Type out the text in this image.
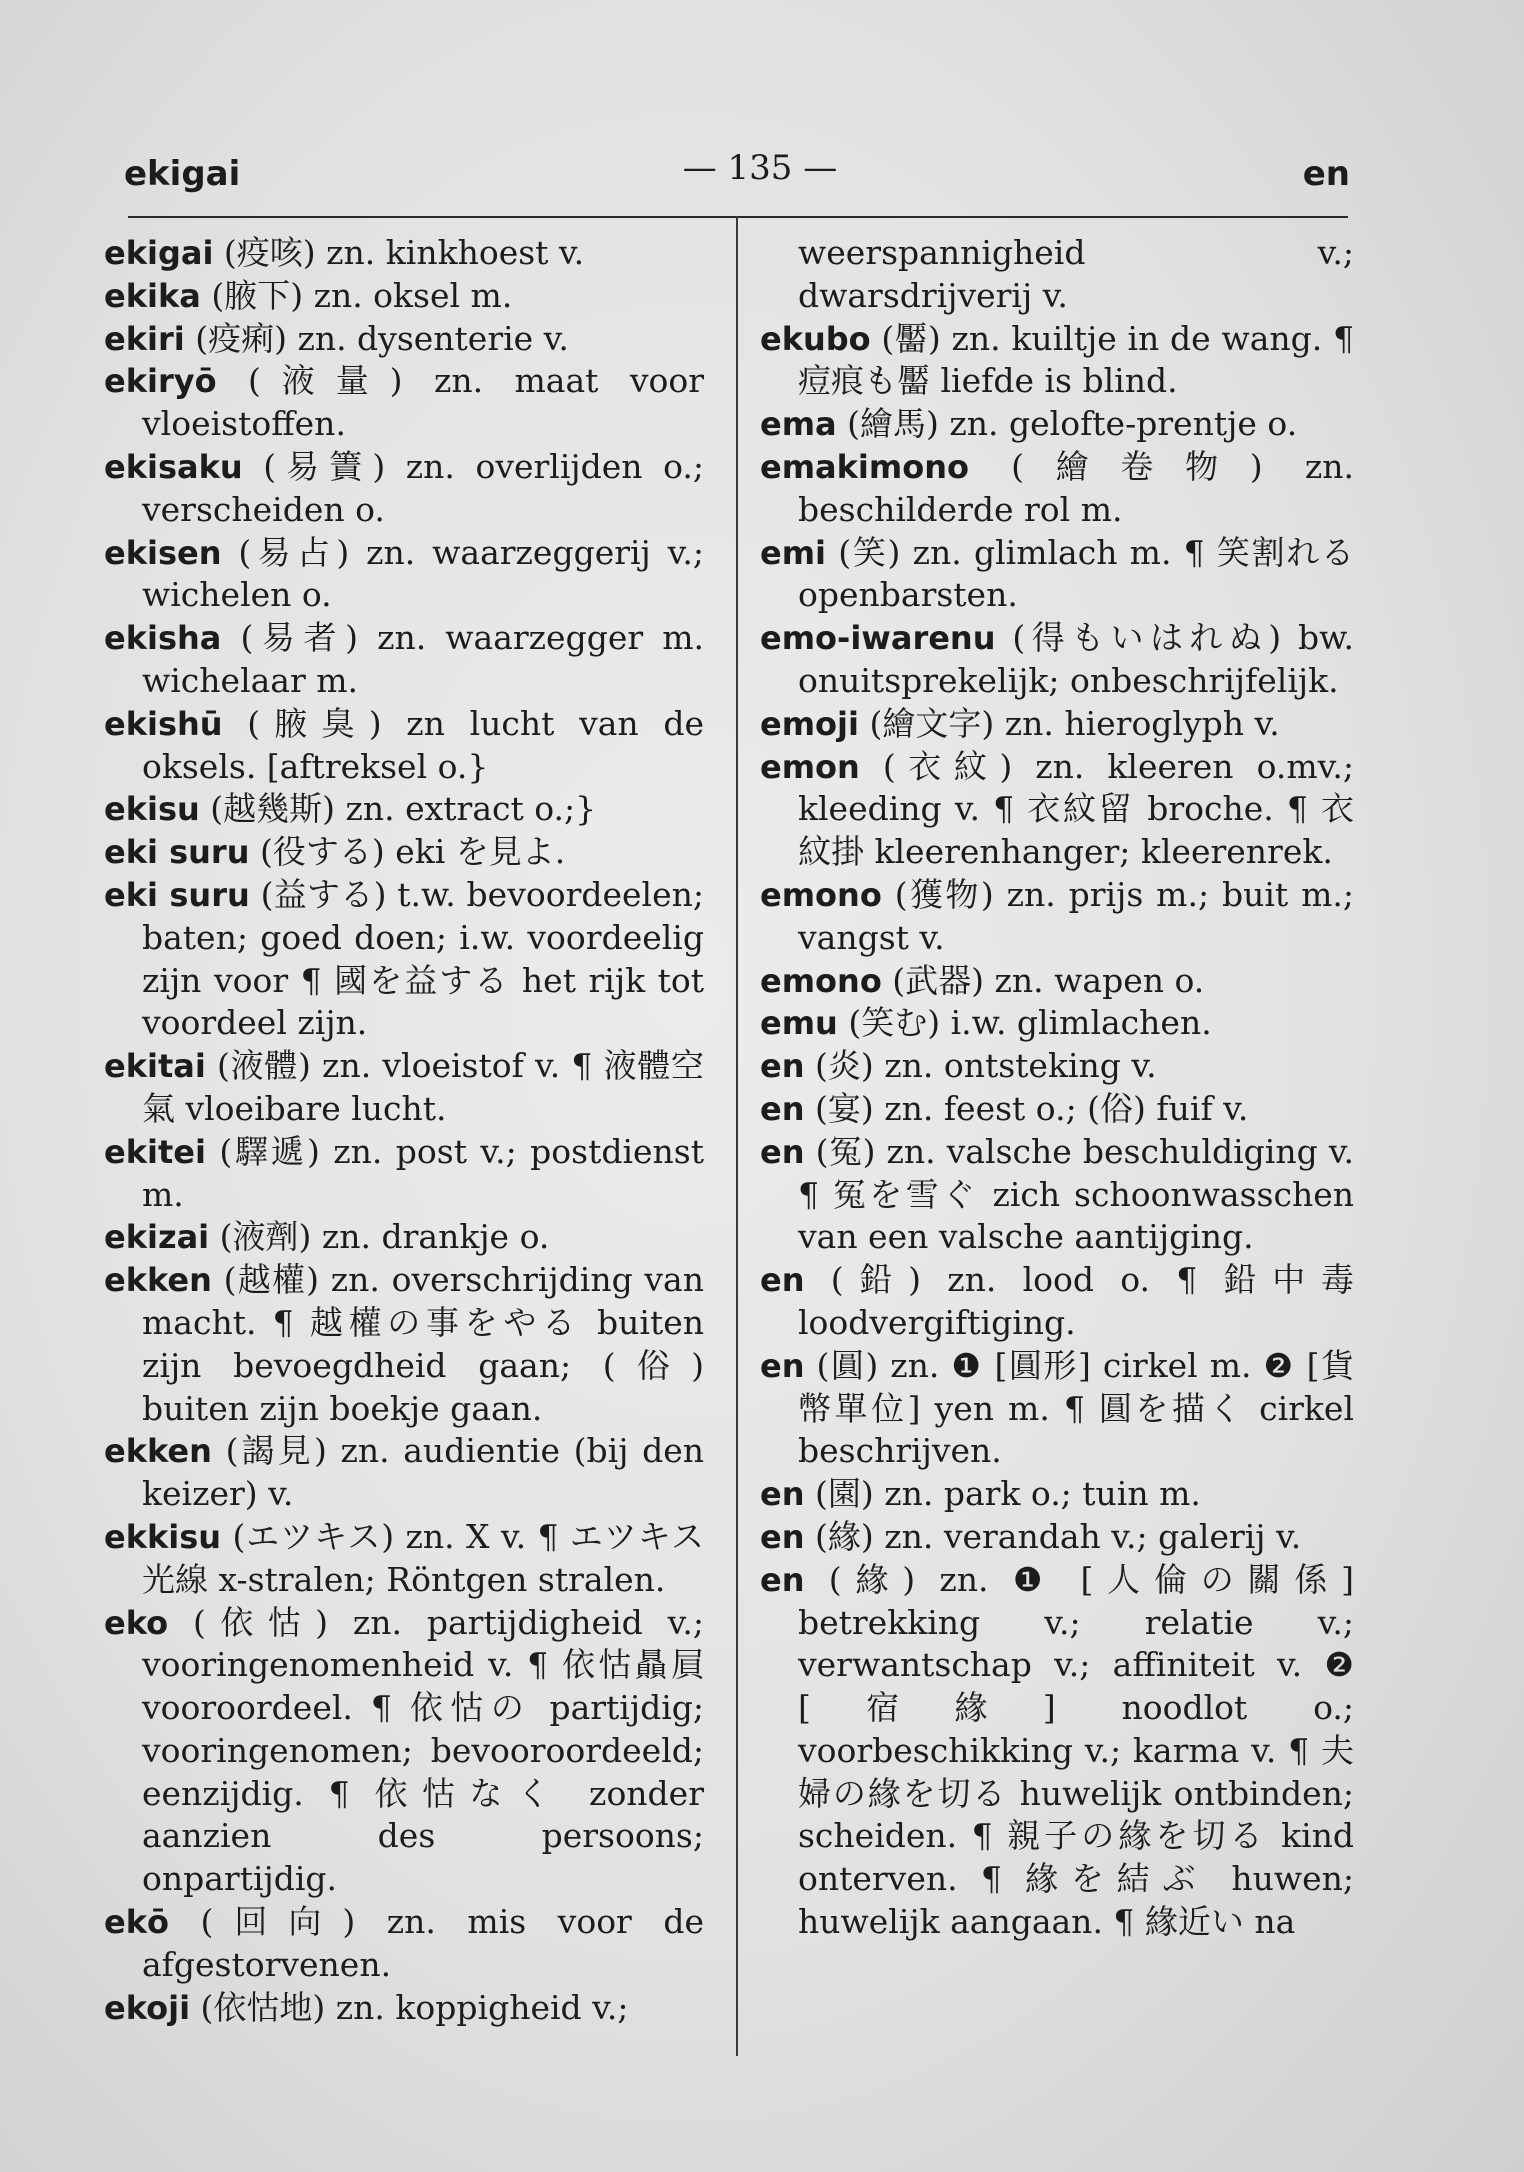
ekigai	— 135 —	en
ekigai (疫咳) zn. kinkhoest v.
ekika (腋下) zn. oksel m.
ekiri (疫痢) zn. dysenterie v.
ekiryō (液量) zn. maat voor vloeistoffen.
ekisaku (易簀) zn. overlijden o.; verscheiden o.
ekisen (易占) zn. waarzeggerij v.; wichelen o.
ekisha (易者) zn. waarzegger m. wichelaar m.
ekishū (腋臭) zn lucht van de oksels. [aftreksel o.}
ekisu (越幾斯) zn. extract o.;}
eki suru (役する) eki を見よ.
eki suru (益する) t.w. bevoordeelen; baten; goed doen; i.w. voordeelig zijn voor ¶ 國を益する het rijk tot voordeel zijn.
ekitai (液體) zn. vloeistof v. ¶ 液體空氣 vloeibare lucht.
ekitei (驛遞) zn. post v.; postdienst m.
ekizai (液劑) zn. drankje o.
ekken (越權) zn. overschrijding van macht. ¶ 越權の事をやる buiten zijn bevoegdheid gaan; (俗) buiten zijn boekje gaan.
ekken (謁見) zn. audientie (bij den keizer) v.
ekkisu (エツキス) zn. X v. ¶ エツキス光線 x-stralen; Röntgen stralen.
eko (依怙) zn. partijdigheid v.; vooringenomenheid v. ¶ 依怙贔屓 vooroordeel. ¶ 依怙の partijdig; vooringenomen; bevooroordeeld; eenzijdig. ¶ 依怙なく zonder aanzien des persoons; onpartijdig.
ekō (回向) zn. mis voor de afgestorvenen.
ekoji (依怙地) zn. koppigheid v.;
weerspannigheid v.; dwarsdrijverij v.
ekubo (靨) zn. kuiltje in de wang. ¶ 痘痕も靨 liefde is blind.
ema (繪馬) zn. gelofte-prentje o.
emakimono (繪卷物) zn. beschilderde rol m.
emi (笑) zn. glimlach m. ¶ 笑割れる openbarsten.
emo-iwarenu (得もいはれぬ) bw. onuitsprekelijk; onbeschrijfelijk.
emoji (繪文字) zn. hieroglyph v.
emon (衣紋) zn. kleeren o.mv.; kleeding v. ¶ 衣紋留 broche. ¶ 衣紋掛 kleerenhanger; kleerenrek.
emono (獲物) zn. prijs m.; buit m.; vangst v.
emono (武器) zn. wapen o.
emu (笑む) i.w. glimlachen.
en (炎) zn. ontsteking v.
en (宴) zn. feest o.; (俗) fuif v.
en (冤) zn. valsche beschuldiging v. ¶ 冤を雪ぐ zich schoonwasschen van een valsche aantijging.
en (鉛) zn. lood o. ¶ 鉛中毒 loodvergiftiging.
en (圓) zn. ❶ [圓形] cirkel m. ❷ [貨幣單位] yen m. ¶ 圓を描く cirkel beschrijven.
en (園) zn. park o.; tuin m.
en (緣) zn. verandah v.; galerij v.
en (緣) zn. ❶ [人倫の關係] betrekking v.; relatie v.; verwantschap v.; affiniteit v. ❷ [宿緣] noodlot o.; voorbeschikking v.; karma v. ¶ 夫婦の緣を切る huwelijk ontbinden; scheiden. ¶ 親子の緣を切る kind onterven. ¶ 緣を結ぶ huwen; huwelijk aangaan. ¶ 緣近い na
